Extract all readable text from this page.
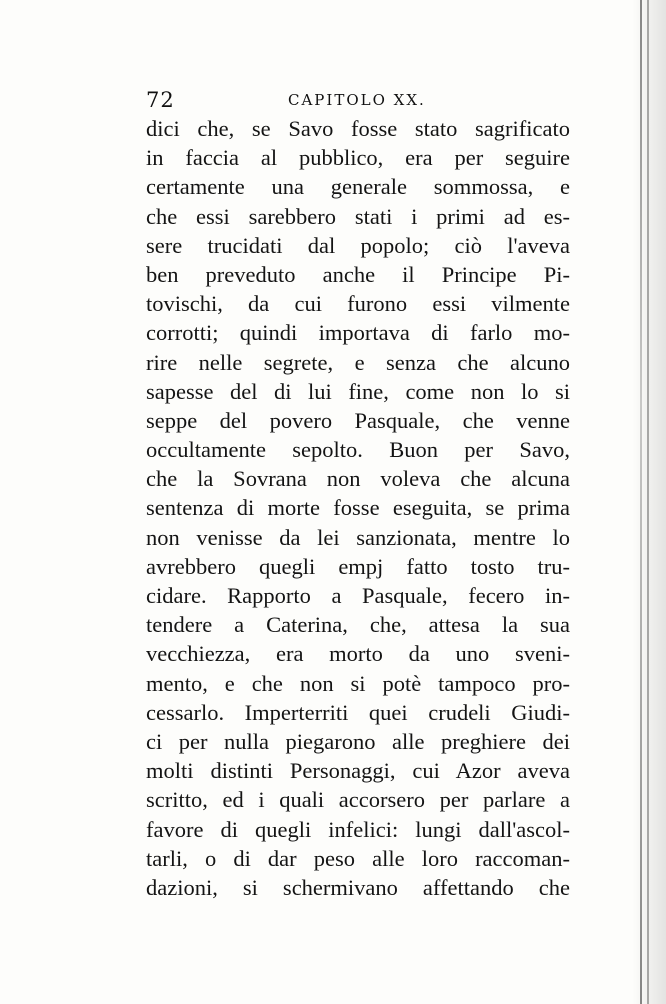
72	CAPITOLO XX.
dici che, se Savo fosse stato sagrificato
in faccia al pubblico, era per seguire
certamente una generale sommossa, e
che essi sarebbero stati i primi ad es-
sere trucidati dal popolo; ciò l'aveva
ben preveduto anche il Principe Pi-
tovischi, da cui furono essi vilmente
corrotti; quindi importava di farlo mo-
rire nelle segrete, e senza che alcuno
sapesse del di lui fine, come non lo si
seppe del povero Pasquale, che venne
occultamente sepolto. Buon per Savo,
che la Sovrana non voleva che alcuna
sentenza di morte fosse eseguita, se prima
non venisse da lei sanzionata, mentre lo
avrebbero quegli empj fatto tosto tru-
cidare. Rapporto a Pasquale, fecero in-
tendere a Caterina, che, attesa la sua
vecchiezza, era morto da uno sveni-
mento, e che non si potè tampoco pro-
cessarlo. Imperterriti quei crudeli Giudi-
ci per nulla piegarono alle preghiere dei
molti distinti Personaggi, cui Azor aveva
scritto, ed i quali accorsero per parlare a
favore di quegli infelici: lungi dall'ascol-
tarli, o di dar peso alle loro raccoman-
dazioni, si schermivano affettando che
